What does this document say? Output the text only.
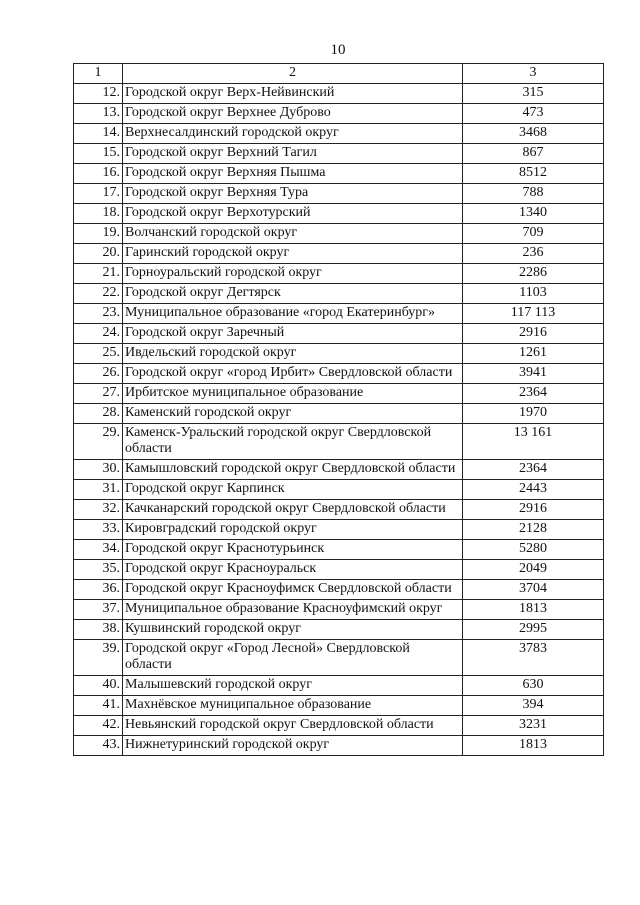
10
1	2	3
12.	Городской округ Верх-Нейвинский	315
13.	Городской округ Верхнее Дуброво	473
14.	Верхнесалдинский городской округ	3468
15.	Городской округ Верхний Тагил	867
16.	Городской округ Верхняя Пышма	8512
17.	Городской округ Верхняя Тура	788
18.	Городской округ Верхотурский	1340
19.	Волчанский городской округ	709
20.	Гаринский городской округ	236
21.	Горноуральский городской округ	2286
22.	Городской округ Дегтярск	1103
23.	Муниципальное образование «город Екатеринбург»	117 113
24.	Городской округ Заречный	2916
25.	Ивдельский городской округ	1261
26.	Городской округ «город Ирбит» Свердловской области	3941
27.	Ирбитское муниципальное образование	2364
28.	Каменский городской округ	1970
29.	Каменск-Уральский городской округ Свердловской области	13 161
30.	Камышловский городской округ Свердловской области	2364
31.	Городской округ Карпинск	2443
32.	Качканарский городской округ Свердловской области	2916
33.	Кировградский городской округ	2128
34.	Городской округ Краснотурьинск	5280
35.	Городской округ Красноуральск	2049
36.	Городской округ Красноуфимск Свердловской области	3704
37.	Муниципальное образование Красноуфимский округ	1813
38.	Кушвинский городской округ	2995
39.	Городской округ «Город Лесной» Свердловской области	3783
40.	Малышевский городской округ	630
41.	Махнёвское муниципальное образование	394
42.	Невьянский городской округ Свердловской области	3231
43.	Нижнетуринский городской округ	1813
